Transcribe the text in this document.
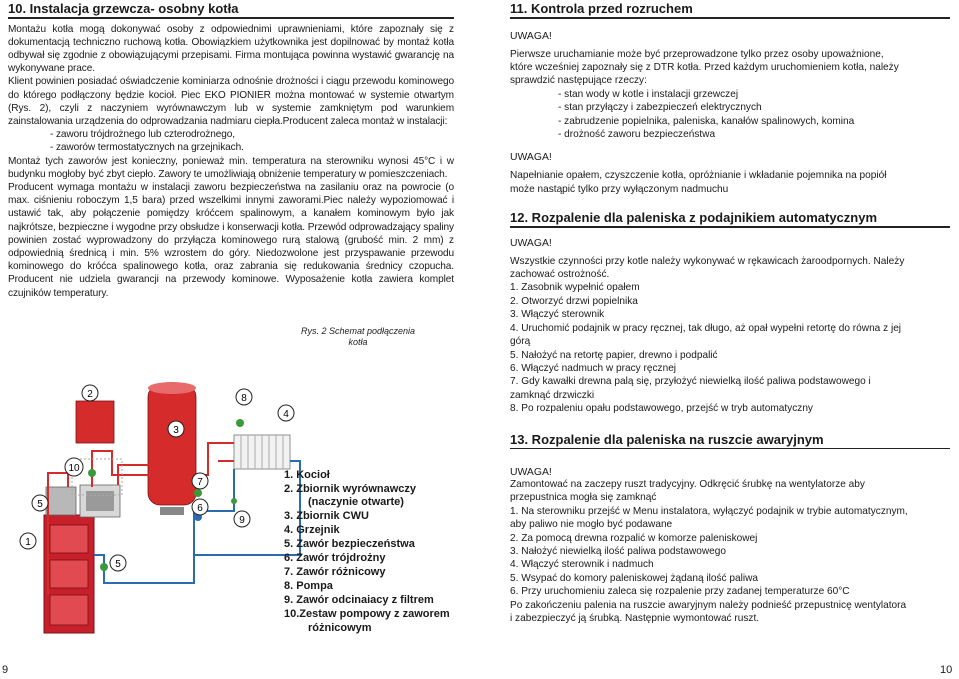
10. Instalacja grzewcza- osobny kotła

Montażu kotła mogą dokonywać osoby z odpowiednimi uprawnieniami, które zapoznały się z dokumentacją techniczno ruchową kotła. Obowiązkiem użytkownika jest dopilnować by montaż kotła odbywał się zgodnie z obowiązującymi przepisami. Firma montująca powinna wystawić gwarancję na wykonywane prace.

Klient powinien posiadać oświadczenie kominiarza odnośnie drożności i ciągu przewodu kominowego do którego podłączony będzie kocioł. Piec EKO PIONIER można montować w systemie otwartym (Rys. 2), czyli z naczyniem wyrównawczym lub w systemie zamkniętym pod warunkiem zainstalowania urządzenia do odprowadzania nadmiaru ciepła.Producent zaleca montaż w instalacji:
- zaworu trójdrożnego lub czterodrożnego,
- zaworów termostatycznych na grzejnikach.

Montaż tych zaworów jest konieczny, ponieważ min. temperatura na sterowniku wynosi 45°C i w budynku mogłoby być zbyt ciepło. Zawory te umożliwiają obniżenie temperatury w pomieszczeniach.

Producent wymaga montażu w instalacji zaworu bezpieczeństwa na zasilaniu oraz na powrocie (o max. ciśnieniu roboczym 1,5 bara) przed wszelkimi innymi zaworami.Piec należy wypoziomować i ustawić tak, aby połączenie pomiędzy króćcem spalinowym, a kanałem kominowym było jak najkrótsze, bezpieczne i wygodne przy obsłudze i konserwacji kotła. Przewód odprowadzający spaliny powinien zostać wyprowadzony do przyłącza kominowego rurą stalową (grubość min. 2 mm) z odpowiednią średnicą i min. 5% wzrostem do góry. Niedozwolone jest przyspawanie przewodu kominowego do króćca spalinowego kotła, oraz zabrania się redukowania średnicy czopucha. Producent nie udziela gwarancji na przewody kominowe. Wyposażenie kotła zawiera komplet czujników temperatury.

Rys. 2 Schemat podłączenia
kotła
1
2
3
4
5
5
6
7
8
9
10
1. Kocioł
2. Zbiornik wyrównawczy
(naczynie otwarte)
3. Zbiornik CWU
4. Grzejnik
5. Zawór bezpieczeństwa
6. Zawór trójdrożny
7. Zawór różnicowy
8. Pompa
9. Zawór odcinaiacy z filtrem
10.Zestaw pompowy z zaworem
różnicowym
11. Kontrola przed rozruchem

UWAGA!

Pierwsze uruchamianie może być przeprowadzone tylko przez osoby upoważnione,
które wcześniej zapoznały się z DTR kotła. Przed każdym uruchomieniem kotła, należy
sprawdzić następujące rzeczy:
- stan wody w kotle i instalacji grzewczej
- stan przyłączy i zabezpieczeń elektrycznych
- zabrudzenie popielnika, paleniska, kanałów spalinowych, komina
- drożność zaworu bezpieczeństwa

UWAGA!

Napełnianie opałem, czyszczenie kotła, opróżnianie i wkładanie pojemnika na popiół
może nastąpić tylko przy wyłączonym nadmuchu

12. Rozpalenie dla paleniska z podajnikiem automatycznym

UWAGA!

Wszystkie czynności przy kotle należy wykonywać w rękawicach żaroodpornych. Należy
zachować ostrożność.
1. Zasobnik wypełnić opałem
2. Otworzyć drzwi popielnika
3. Włączyć sterownik
4. Uruchomić podajnik w pracy ręcznej, tak długo, aż opał wypełni retortę do równa z jej
górą
5. Nałożyć na retortę papier, drewno i podpalić
6. Włączyć nadmuch w pracy ręcznej
7. Gdy kawałki drewna palą się, przyłożyć niewielką ilość paliwa podstawowego i
zamknąć drzwiczki
8. Po rozpaleniu opału podstawowego, przejść w tryb automatyczny

13. Rozpalenie dla paleniska na ruszcie awaryjnym

UWAGA!

Zamontować na zaczepy ruszt tradycyjny. Odkręcić śrubkę na wentylatorze aby
przepustnica mogła się zamknąć
1. Na sterowniku przejść w Menu instalatora, wyłączyć podajnik w trybie automatycznym,
aby paliwo nie mogło być podawane
2. Za pomocą drewna rozpalić w komorze paleniskowej
3. Nałożyć niewielką ilość paliwa podstawowego
4. Włączyć sterownik i nadmuch
5. Wsypać do komory paleniskowej żądaną ilość paliwa
6. Przy uruchomieniu zaleca się rozpalenie przy zadanej temperaturze 60°C
Po zakończeniu palenia na ruszcie awaryjnym należy podnieść przepustnicę wentylatora
i zabezpieczyć ją śrubką. Następnie wymontować ruszt.

9	10
